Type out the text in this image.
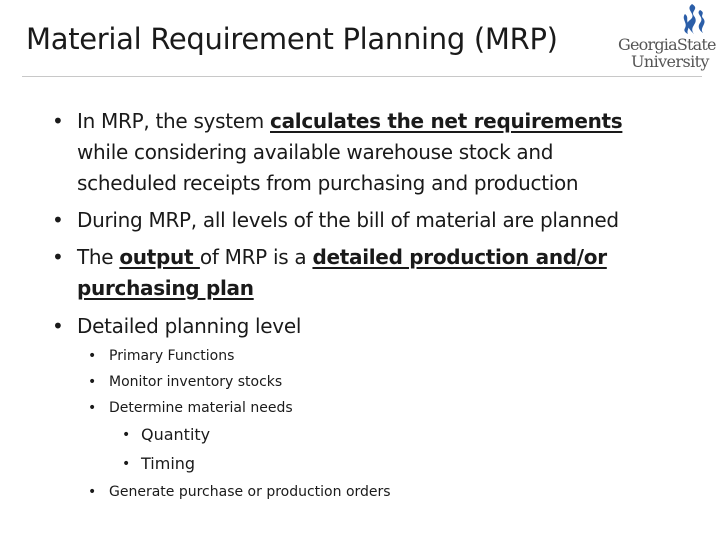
Material Requirement Planning (MRP)	GeorgiaState
University
• In MRP, the system calculates the net requirements
while considering available warehouse stock and
scheduled receipts from purchasing and production
• During MRP, all levels of the bill of material are planned
• The output of MRP is a detailed production and/or
purchasing plan
• Detailed planning level
• Primary Functions
• Monitor inventory stocks
• Determine material needs
• Quantity
• Timing
• Generate purchase or production orders
